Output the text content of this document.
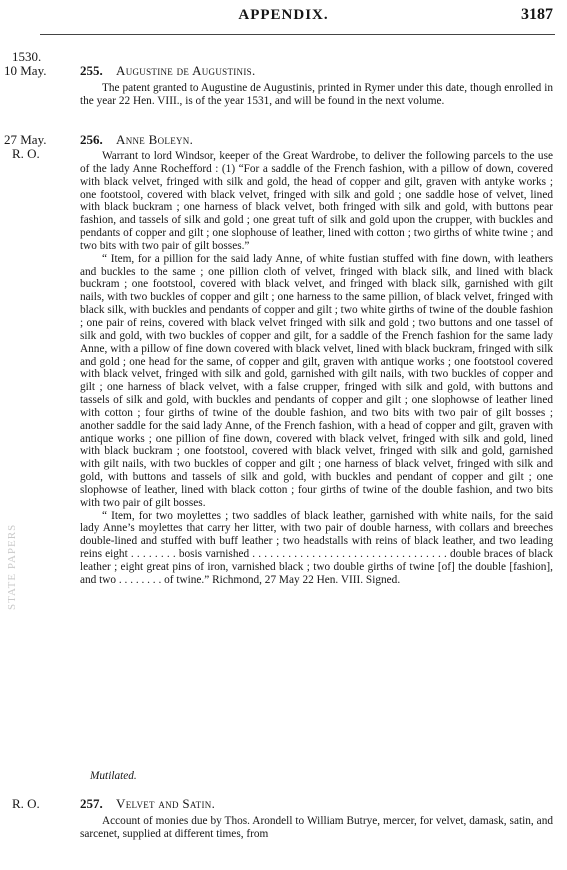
APPENDIX.	3187
STATE PAPERS
1530.
10 May.	255. Augustine de Augustinis.

The patent granted to Augustine de Augustinis, printed in Rymer under this date, though enrolled in the year 22 Hen. VIII., is of the year 1531, and will be found in the next volume.

27 May.
R. O.
256. Anne Boleyn.

Warrant to lord Windsor, keeper of the Great Wardrobe, to deliver the following parcels to the use of the lady Anne Rochefford : (1) “For a saddle of the French fashion, with a pillow of down, covered with black velvet, fringed with silk and gold, the head of copper and gilt, graven with antyke works ; one footstool, covered with black velvet, fringed with silk and gold ; one saddle hose of velvet, lined with black buckram ; one harness of black velvet, both fringed with silk and gold, with buttons pear fashion, and tassels of silk and gold ; one great tuft of silk and gold upon the crupper, with buckles and pendants of copper and gilt ; one slophouse of leather, lined with cotton ; two girths of white twine ; and two bits with two pair of gilt bosses.”

“ Item, for a pillion for the said lady Anne, of white fustian stuffed with fine down, with leathers and buckles to the same ; one pillion cloth of velvet, fringed with black silk, and lined with black buckram ; one footstool, covered with black velvet, and fringed with black silk, garnished with gilt nails, with two buckles of copper and gilt ; one harness to the same pillion, of black velvet, fringed with black silk, with buckles and pendants of copper and gilt ; two white girths of twine of the double fashion ; one pair of reins, covered with black velvet fringed with silk and gold ; two buttons and one tassel of silk and gold, with two buckles of copper and gilt, for a saddle of the French fashion for the same lady Anne, with a pillow of fine down covered with black velvet, lined with black buckram, fringed with silk and gold ; one head for the same, of copper and gilt, graven with antique works ; one footstool covered with black velvet, fringed with silk and gold, garnished with gilt nails, with two buckles of copper and gilt ; one harness of black velvet, with a false crupper, fringed with silk and gold, with buttons and tassels of silk and gold, with buckles and pendants of copper and gilt ; one slophowse of leather lined with cotton ; four girths of twine of the double fashion, and two bits with two pair of gilt bosses ; another saddle for the said lady Anne, of the French fashion, with a head of copper and gilt, graven with antique works ; one pillion of fine down, covered with black velvet, fringed with silk and gold, lined with black buckram ; one footstool, covered with black velvet, fringed with silk and gold, garnished with gilt nails, with two buckles of copper and gilt ; one harness of black velvet, fringed with silk and gold, with buttons and tassels of silk and gold, with buckles and pendant of copper and gilt ; one slophowse of leather, lined with black cotton ; four girths of twine of the double fashion, and two bits with two pair of gilt bosses.

“ Item, for two moylettes ; two saddles of black leather, garnished with white nails, for the said lady Anne’s moylettes that carry her litter, with two pair of double harness, with collars and breeches double-lined and stuffed with buff leather ; two headstalls with reins of black leather, and two leading reins eight . . . . . . . . bosis varnished . . . . . . . . . . . . . . . . . . . . . . . . . . . . . . . . . double braces of black leather ; eight great pins of iron, varnished black ; two double girths of twine [of] the double [fashion], and two . . . . . . . . of twine.” Richmond, 27 May 22 Hen. VIII. Signed.

Mutilated.
R. O.	257. Velvet and Satin.

Account of monies due by Thos. Arondell to William Butrye, mercer, for velvet, damask, satin, and sarcenet, supplied at different times, from
